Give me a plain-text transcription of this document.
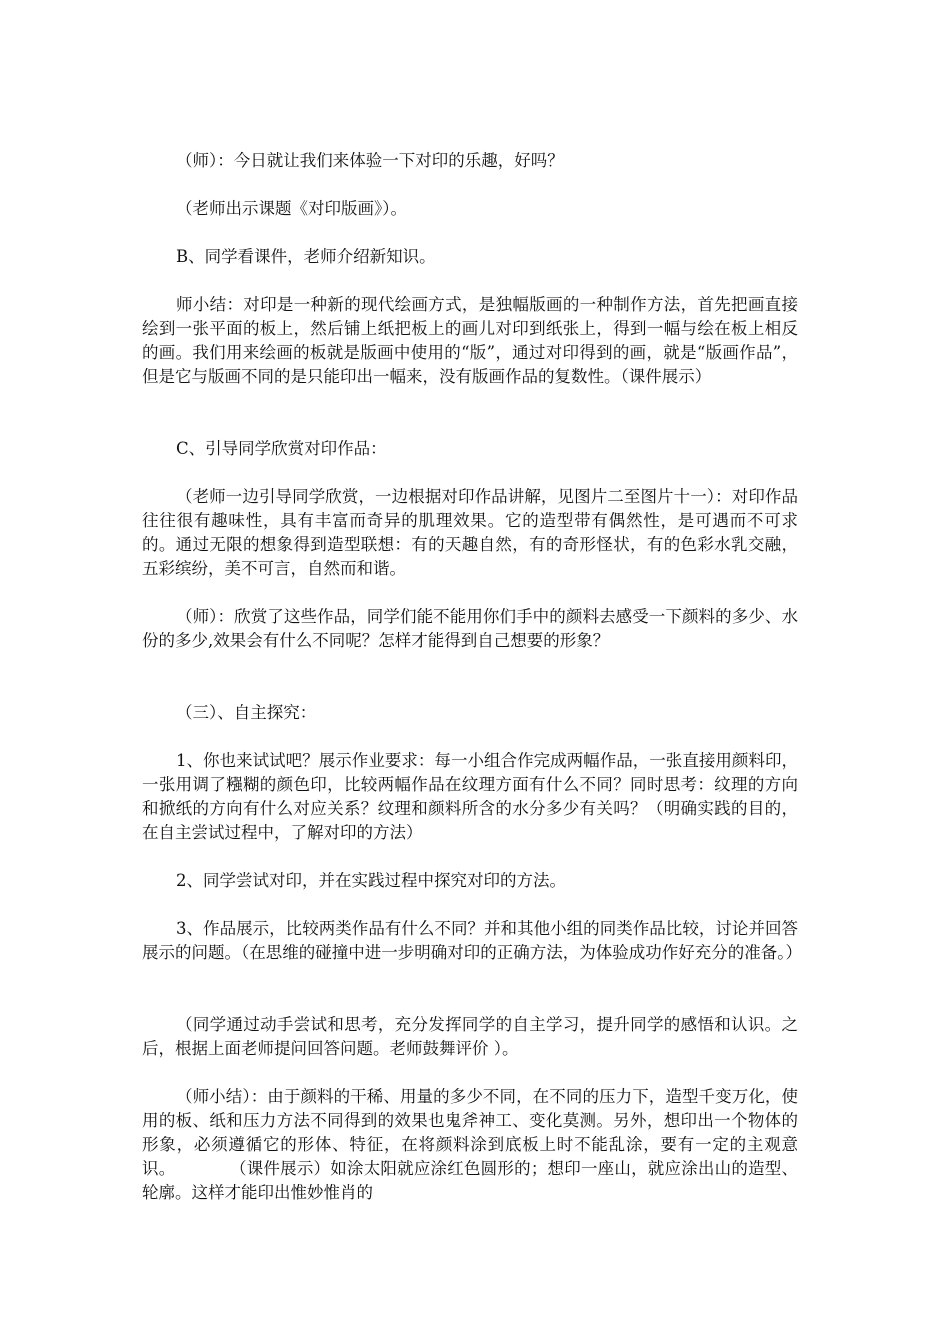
（师）：今日就让我们来体验一下对印的乐趣，好吗？

（老师出示课题《对印版画》）。

B、同学看课件，老师介绍新知识。

师小结：对印是一种新的现代绘画方式，是独幅版画的一种制作方法，首先把画直接绘到一张平面的板上，然后铺上纸把板上的画儿对印到纸张上，得到一幅与绘在板上相反的画。我们用来绘画的板就是版画中使用的“版”，通过对印得到的画，就是“版画作品”，但是它与版画不同的是只能印出一幅来，没有版画作品的复数性。（课件展示）

C、引导同学欣赏对印作品：

（老师一边引导同学欣赏，一边根据对印作品讲解，见图片二至图片十一）：对印作品往往很有趣味性，具有丰富而奇异的肌理效果。它的造型带有偶然性，是可遇而不可求的。通过无限的想象得到造型联想：有的天趣自然，有的奇形怪状，有的色彩水乳交融，五彩缤纷，美不可言，自然而和谐。

（师）：欣赏了这些作品，同学们能不能用你们手中的颜料去感受一下颜料的多少、水份的多少,效果会有什么不同呢？怎样才能得到自己想要的形象？

（三）、自主探究：

1、你也来试试吧？展示作业要求：每一小组合作完成两幅作品，一张直接用颜料印，一张用调了糨糊的颜色印，比较两幅作品在纹理方面有什么不同？同时思考：纹理的方向和掀纸的方向有什么对应关系？纹理和颜料所含的水分多少有关吗？（明确实践的目的，在自主尝试过程中，了解对印的方法）

2、同学尝试对印，并在实践过程中探究对印的方法。

3、作品展示，比较两类作品有什么不同？并和其他小组的同类作品比较，讨论并回答展示的问题。（在思维的碰撞中进一步明确对印的正确方法，为体验成功作好充分的准备。）

（同学通过动手尝试和思考，充分发挥同学的自主学习，提升同学的感悟和认识。之后，根据上面老师提问回答问题。老师鼓舞评价 ）。

（师小结）：由于颜料的干稀、用量的多少不同，在不同的压力下，造型千变万化，使用的板、纸和压力方法不同得到的效果也鬼斧神工、变化莫测。另外，想印出一个物体的形象，必须遵循它的形体、特征，在将颜料涂到底板上时不能乱涂，要有一定的主观意识。          （课件展示）如涂太阳就应涂红色圆形的；想印一座山，就应涂出山的造型、轮廓。这样才能印出惟妙惟肖的
